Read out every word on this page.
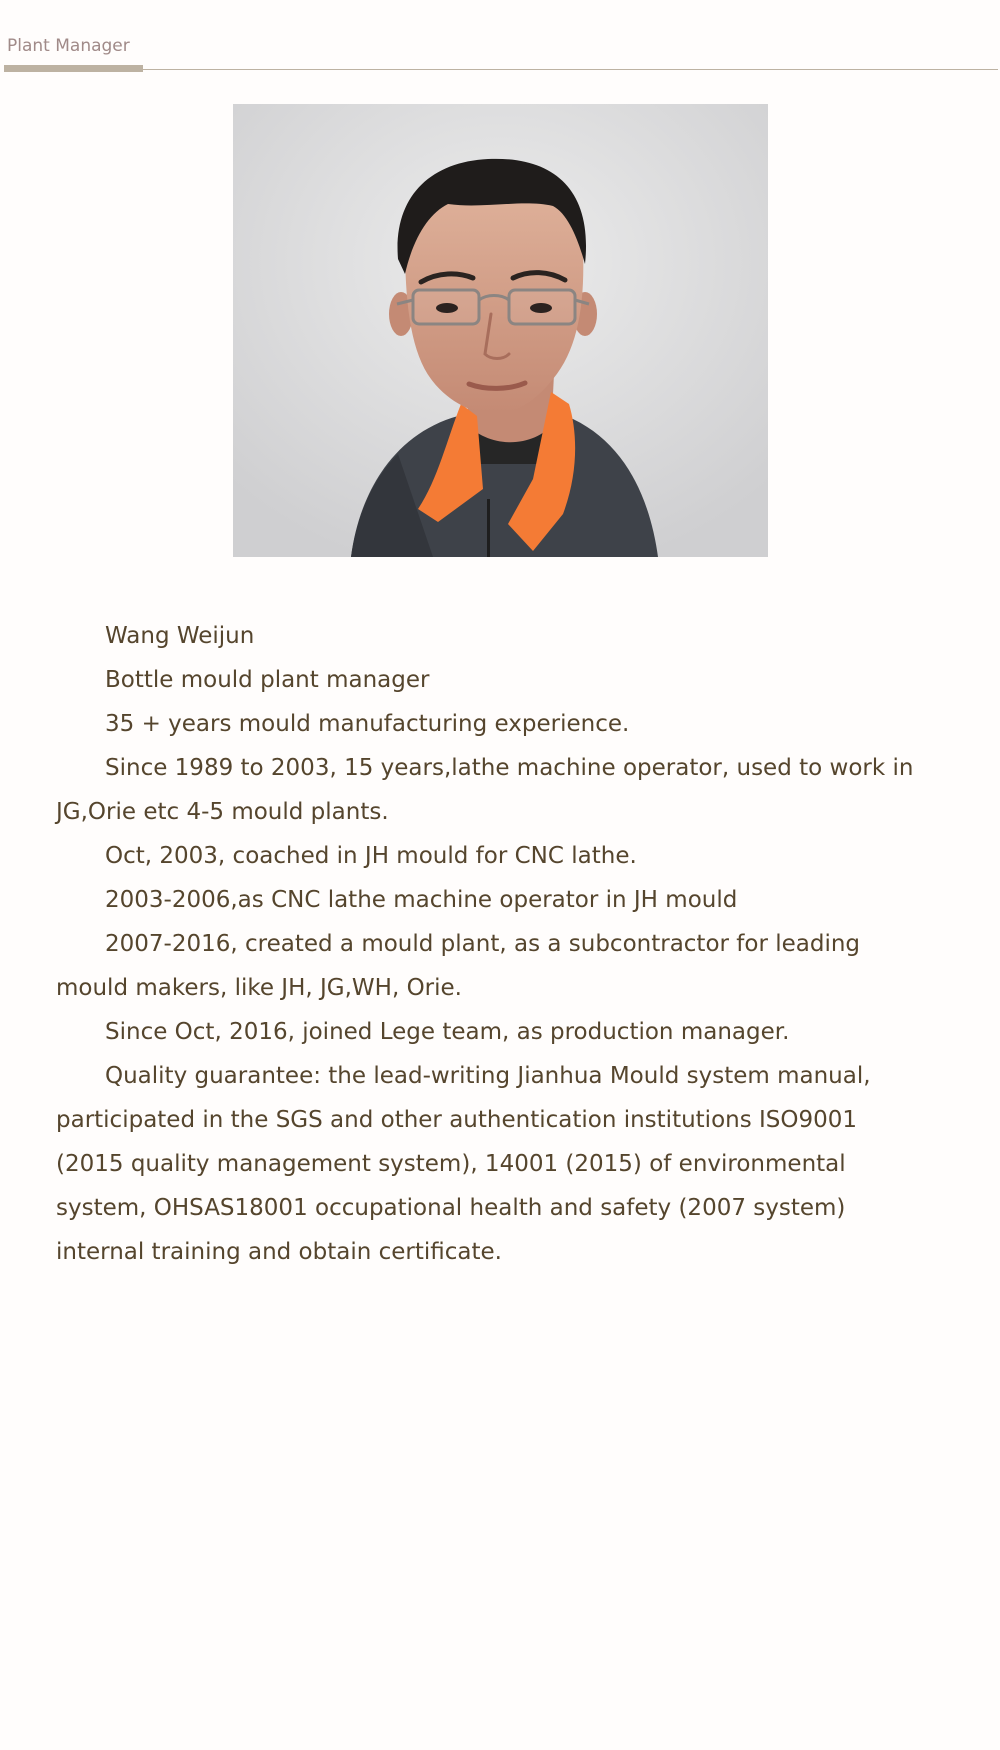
Plant Manager

Wang Weijun

Bottle mould plant manager

35 + years mould manufacturing experience.

Since 1989 to 2003, 15 years,lathe machine operator, used to work in JG,Orie etc 4-5 mould plants.

Oct, 2003, coached in JH mould for CNC lathe.

2003-2006,as CNC lathe machine operator in JH mould

2007-2016, created a mould plant, as a subcontractor for leading mould makers, like JH, JG,WH, Orie.

Since Oct, 2016, joined Lege team, as production manager.

Quality guarantee: the lead-writing Jianhua Mould system manual, participated in the SGS and other authentication institutions ISO9001 (2015 quality management system), 14001 (2015) of environmental system, OHSAS18001 occupational health and safety (2007 system) internal training and obtain certificate.
